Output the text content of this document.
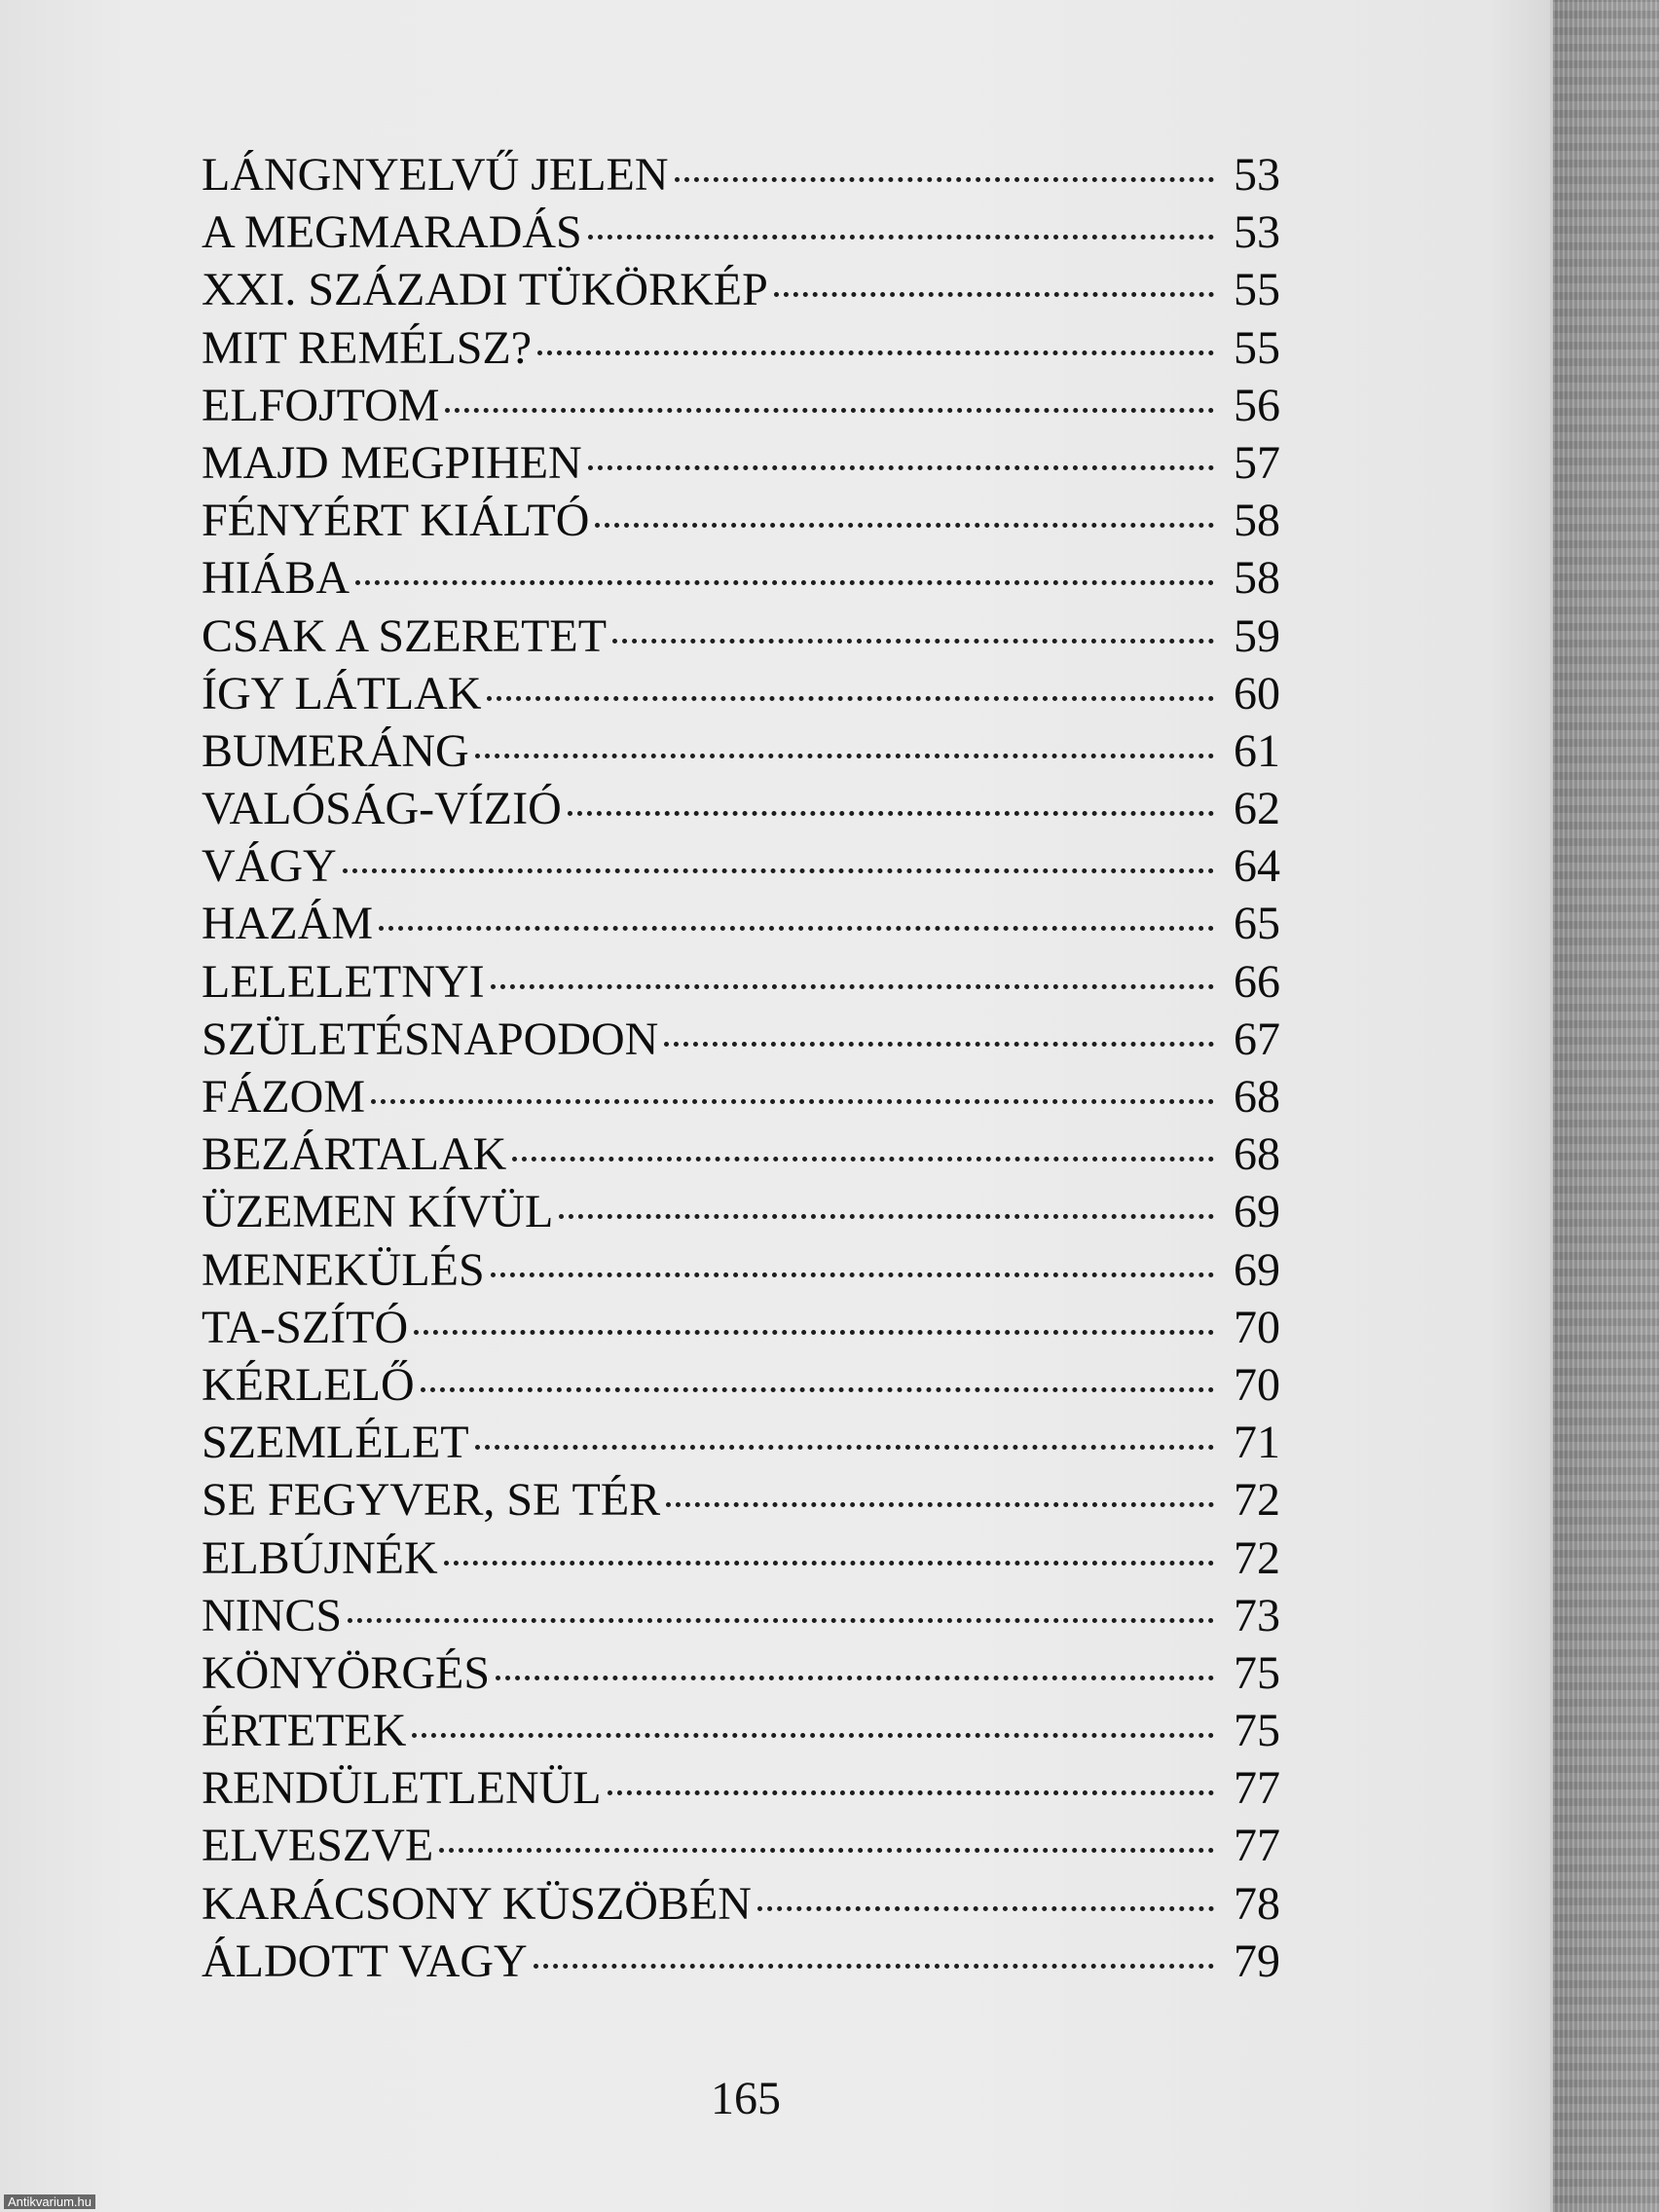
LÁNGNYELVŰ JELEN	53
A MEGMARADÁS	53
XXI. SZÁZADI TÜKÖRKÉP	55
MIT REMÉLSZ?	55
ELFOJTOM	56
MAJD MEGPIHEN	57
FÉNYÉRT KIÁLTÓ	58
HIÁBA	58
CSAK A SZERETET	59
ÍGY LÁTLAK	60
BUMERÁNG	61
VALÓSÁG-VÍZIÓ	62
VÁGY	64
HAZÁM	65
LELELETNYI	66
SZÜLETÉSNAPODON	67
FÁZOM	68
BEZÁRTALAK	68
ÜZEMEN KÍVÜL	69
MENEKÜLÉS	69
TA-SZÍTÓ	70
KÉRLELŐ	70
SZEMLÉLET	71
SE FEGYVER, SE TÉR	72
ELBÚJNÉK	72
NINCS	73
KÖNYÖRGÉS	75
ÉRTETEK	75
RENDÜLETLENÜL	77
ELVESZVE	77
KARÁCSONY KÜSZÖBÉN	78
ÁLDOTT VAGY	79
165
Antikvarium.hu
